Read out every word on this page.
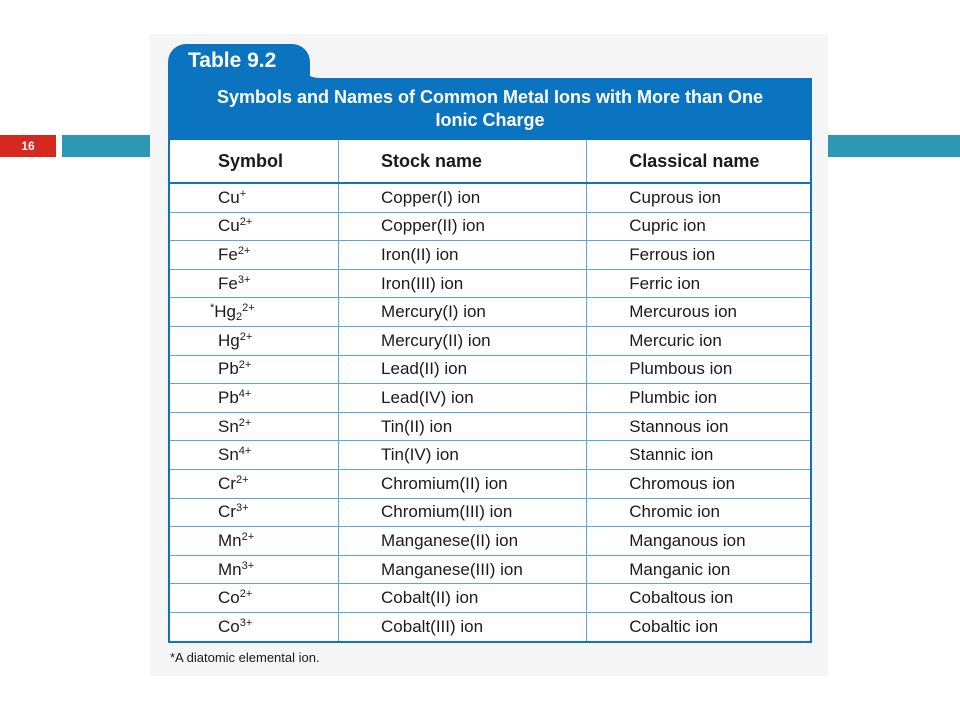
16
Table 9.2
Symbols and Names of Common Metal Ions with More than One
Ionic Charge
Symbol	Stock name	Classical name
Cu+	Copper(I) ion	Cuprous ion
$Cu^{2+}$	Copper(II) ion	Cupric ion
$Fe^{2+}$	Iron(II) ion	Ferrous ion
$Fe^{3+}$	Iron(III) ion	Ferric ion
$^*Hg_2^{2+}$	Mercury(I) ion	Mercurous ion
$Hg^{2+}$	Mercury(II) ion	Mercuric ion
$Pb^{2+}$	Lead(II) ion	Plumbous ion
$Pb^{4+}$	Lead(IV) ion	Plumbic ion
$Sn^{2+}$	Tin(II) ion	Stannous ion
$Sn^{4+}$	Tin(IV) ion	Stannic ion
$Cr^{2+}$	Chromium(II) ion	Chromous ion
$Cr^{3+}$	Chromium(III) ion	Chromic ion
$Mn^{2+}$	Manganese(II) ion	Manganous ion
$Mn^{3+}$	Manganese(III) ion	Manganic ion
$Co^{2+}$	Cobalt(II) ion	Cobaltous ion
$Co^{3+}$	Cobalt(III) ion	Cobaltic ion
*A diatomic elemental ion.
